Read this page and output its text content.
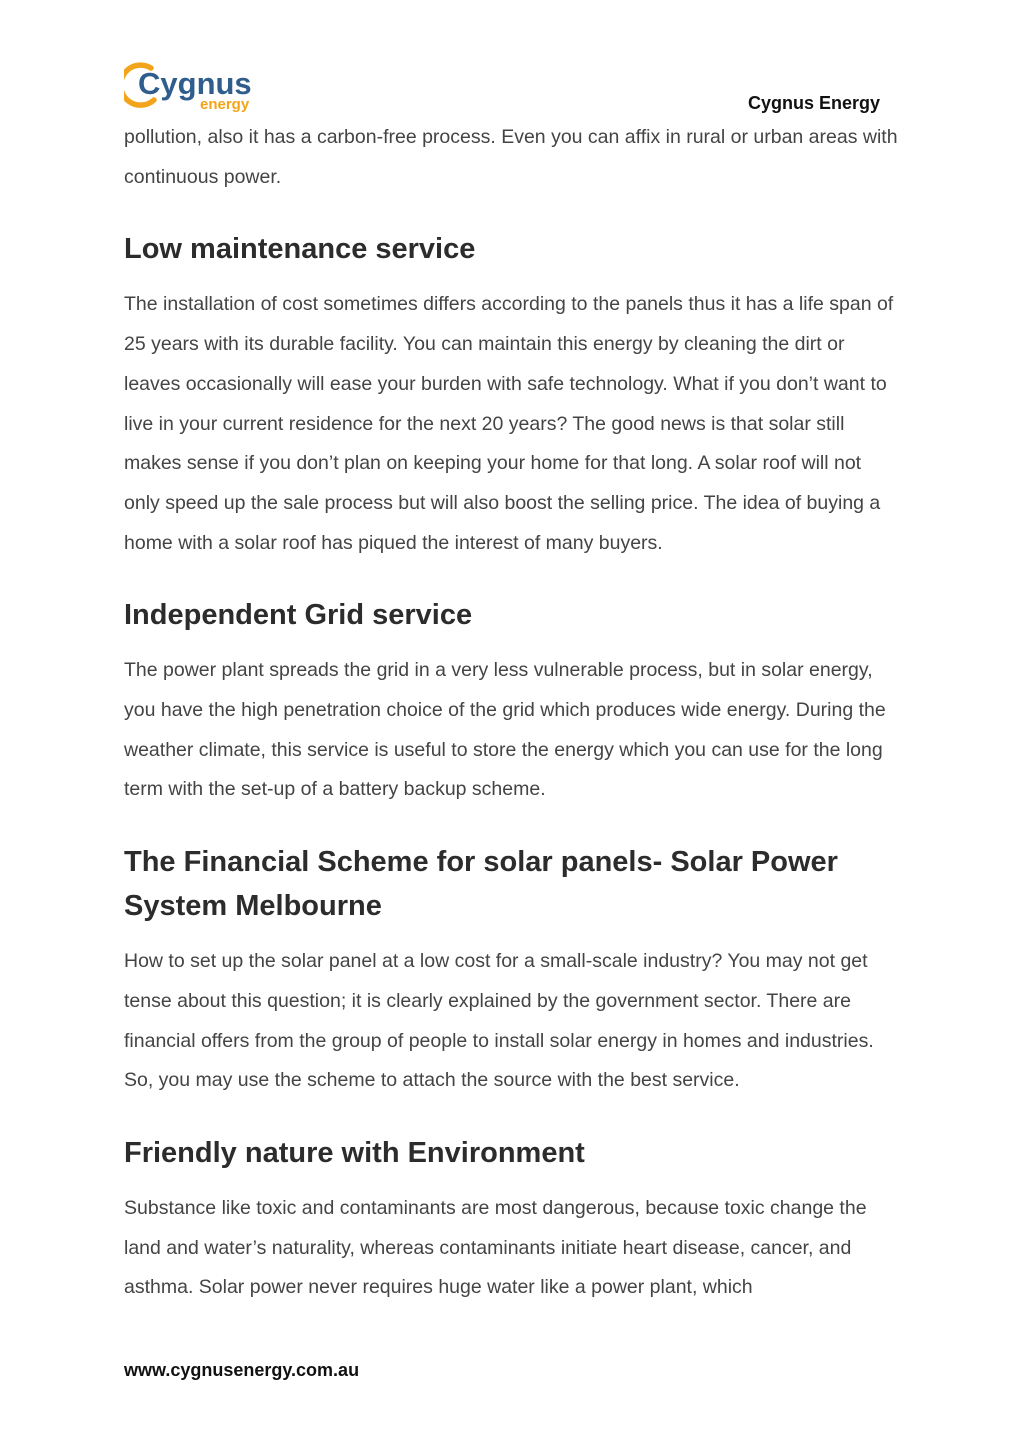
Cygnus
energy	Cygnus Energy

pollution, also it has a carbon-free process. Even you can affix in rural or urban areas with continuous power.

Low maintenance service

The installation of cost sometimes differs according to the panels thus it has a life span of 25 years with its durable facility. You can maintain this energy by cleaning the dirt or leaves occasionally will ease your burden with safe technology. What if you don’t want to live in your current residence for the next 20 years? The good news is that solar still makes sense if you don’t plan on keeping your home for that long. A solar roof will not only speed up the sale process but will also boost the selling price. The idea of buying a home with a solar roof has piqued the interest of many buyers.

Independent Grid service

The power plant spreads the grid in a very less vulnerable process, but in solar energy, you have the high penetration choice of the grid which produces wide energy. During the weather climate, this service is useful to store the energy which you can use for the long term with the set-up of a battery backup scheme.

The Financial Scheme for solar panels- Solar Power System Melbourne

How to set up the solar panel at a low cost for a small-scale industry? You may not get tense about this question; it is clearly explained by the government sector. There are financial offers from the group of people to install solar energy in homes and industries. So, you may use the scheme to attach the source with the best service.

Friendly nature with Environment

Substance like toxic and contaminants are most dangerous, because toxic change the land and water’s naturality, whereas contaminants initiate heart disease, cancer, and asthma. Solar power never requires huge water like a power plant, which

www.cygnusenergy.com.au
